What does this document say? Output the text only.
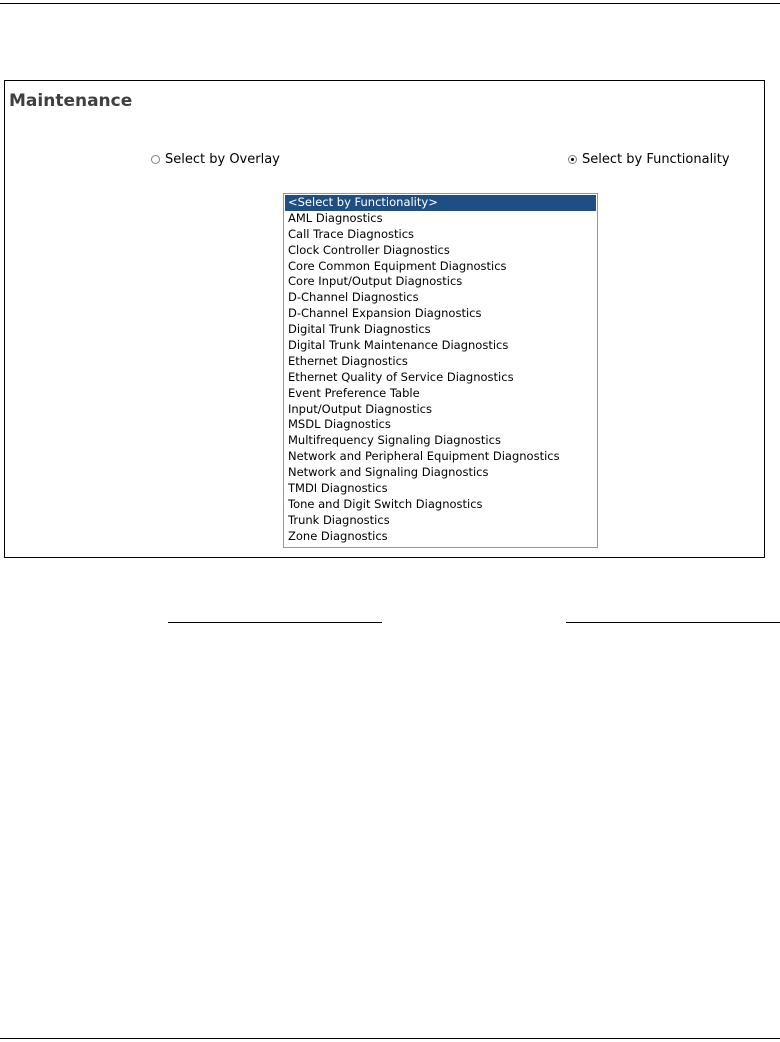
Maintenance
Select by Overlay	Select by Functionality
<Select by Functionality>
AML Diagnostics
Call Trace Diagnostics
Clock Controller Diagnostics
Core Common Equipment Diagnostics
Core Input/Output Diagnostics
D-Channel Diagnostics
D-Channel Expansion Diagnostics
Digital Trunk Diagnostics
Digital Trunk Maintenance Diagnostics
Ethernet Diagnostics
Ethernet Quality of Service Diagnostics
Event Preference Table
Input/Output Diagnostics
MSDL Diagnostics
Multifrequency Signaling Diagnostics
Network and Peripheral Equipment Diagnostics
Network and Signaling Diagnostics
TMDI Diagnostics
Tone and Digit Switch Diagnostics
Trunk Diagnostics
Zone Diagnostics
